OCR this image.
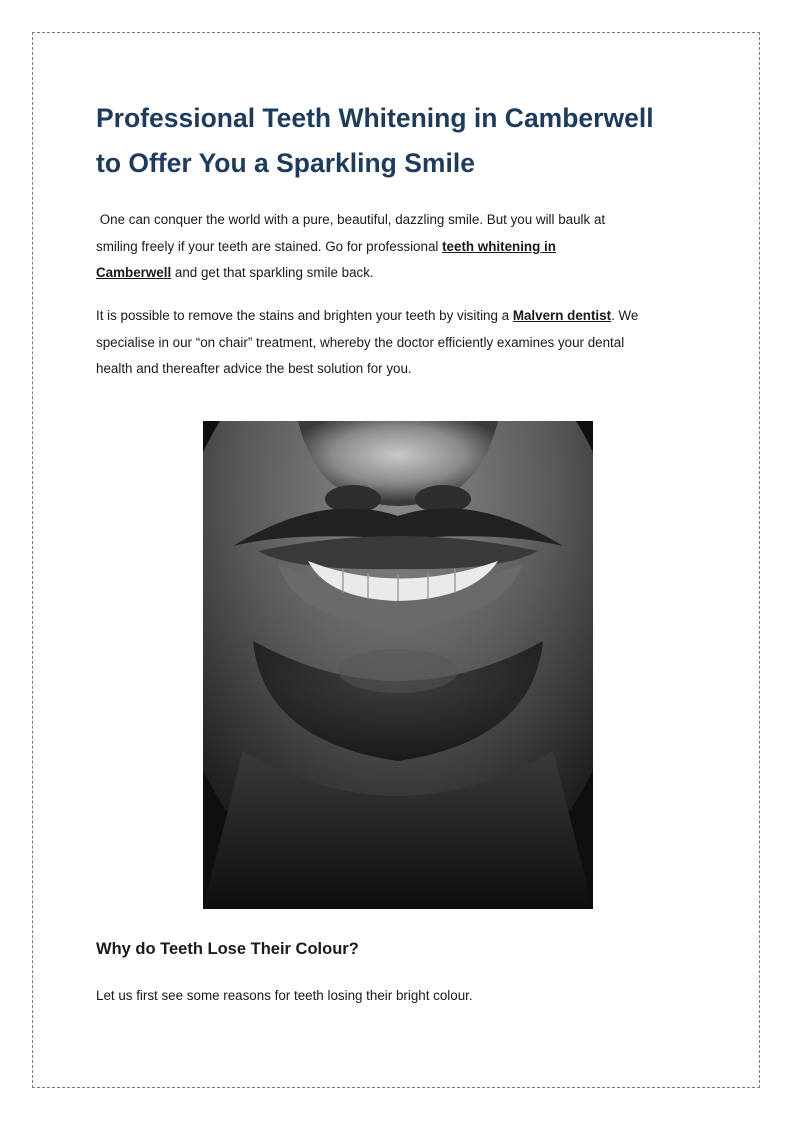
Professional Teeth Whitening in Camberwell
to Offer You a Sparkling Smile

One can conquer the world with a pure, beautiful, dazzling smile. But you will baulk at
smiling freely if your teeth are stained. Go for professional teeth whitening in
Camberwell and get that sparkling smile back.

It is possible to remove the stains and brighten your teeth by visiting a Malvern dentist. We
specialise in our “on chair” treatment, whereby the doctor efficiently examines your dental
health and thereafter advice the best solution for you.

Why do Teeth Lose Their Colour?

Let us first see some reasons for teeth losing their bright colour.
